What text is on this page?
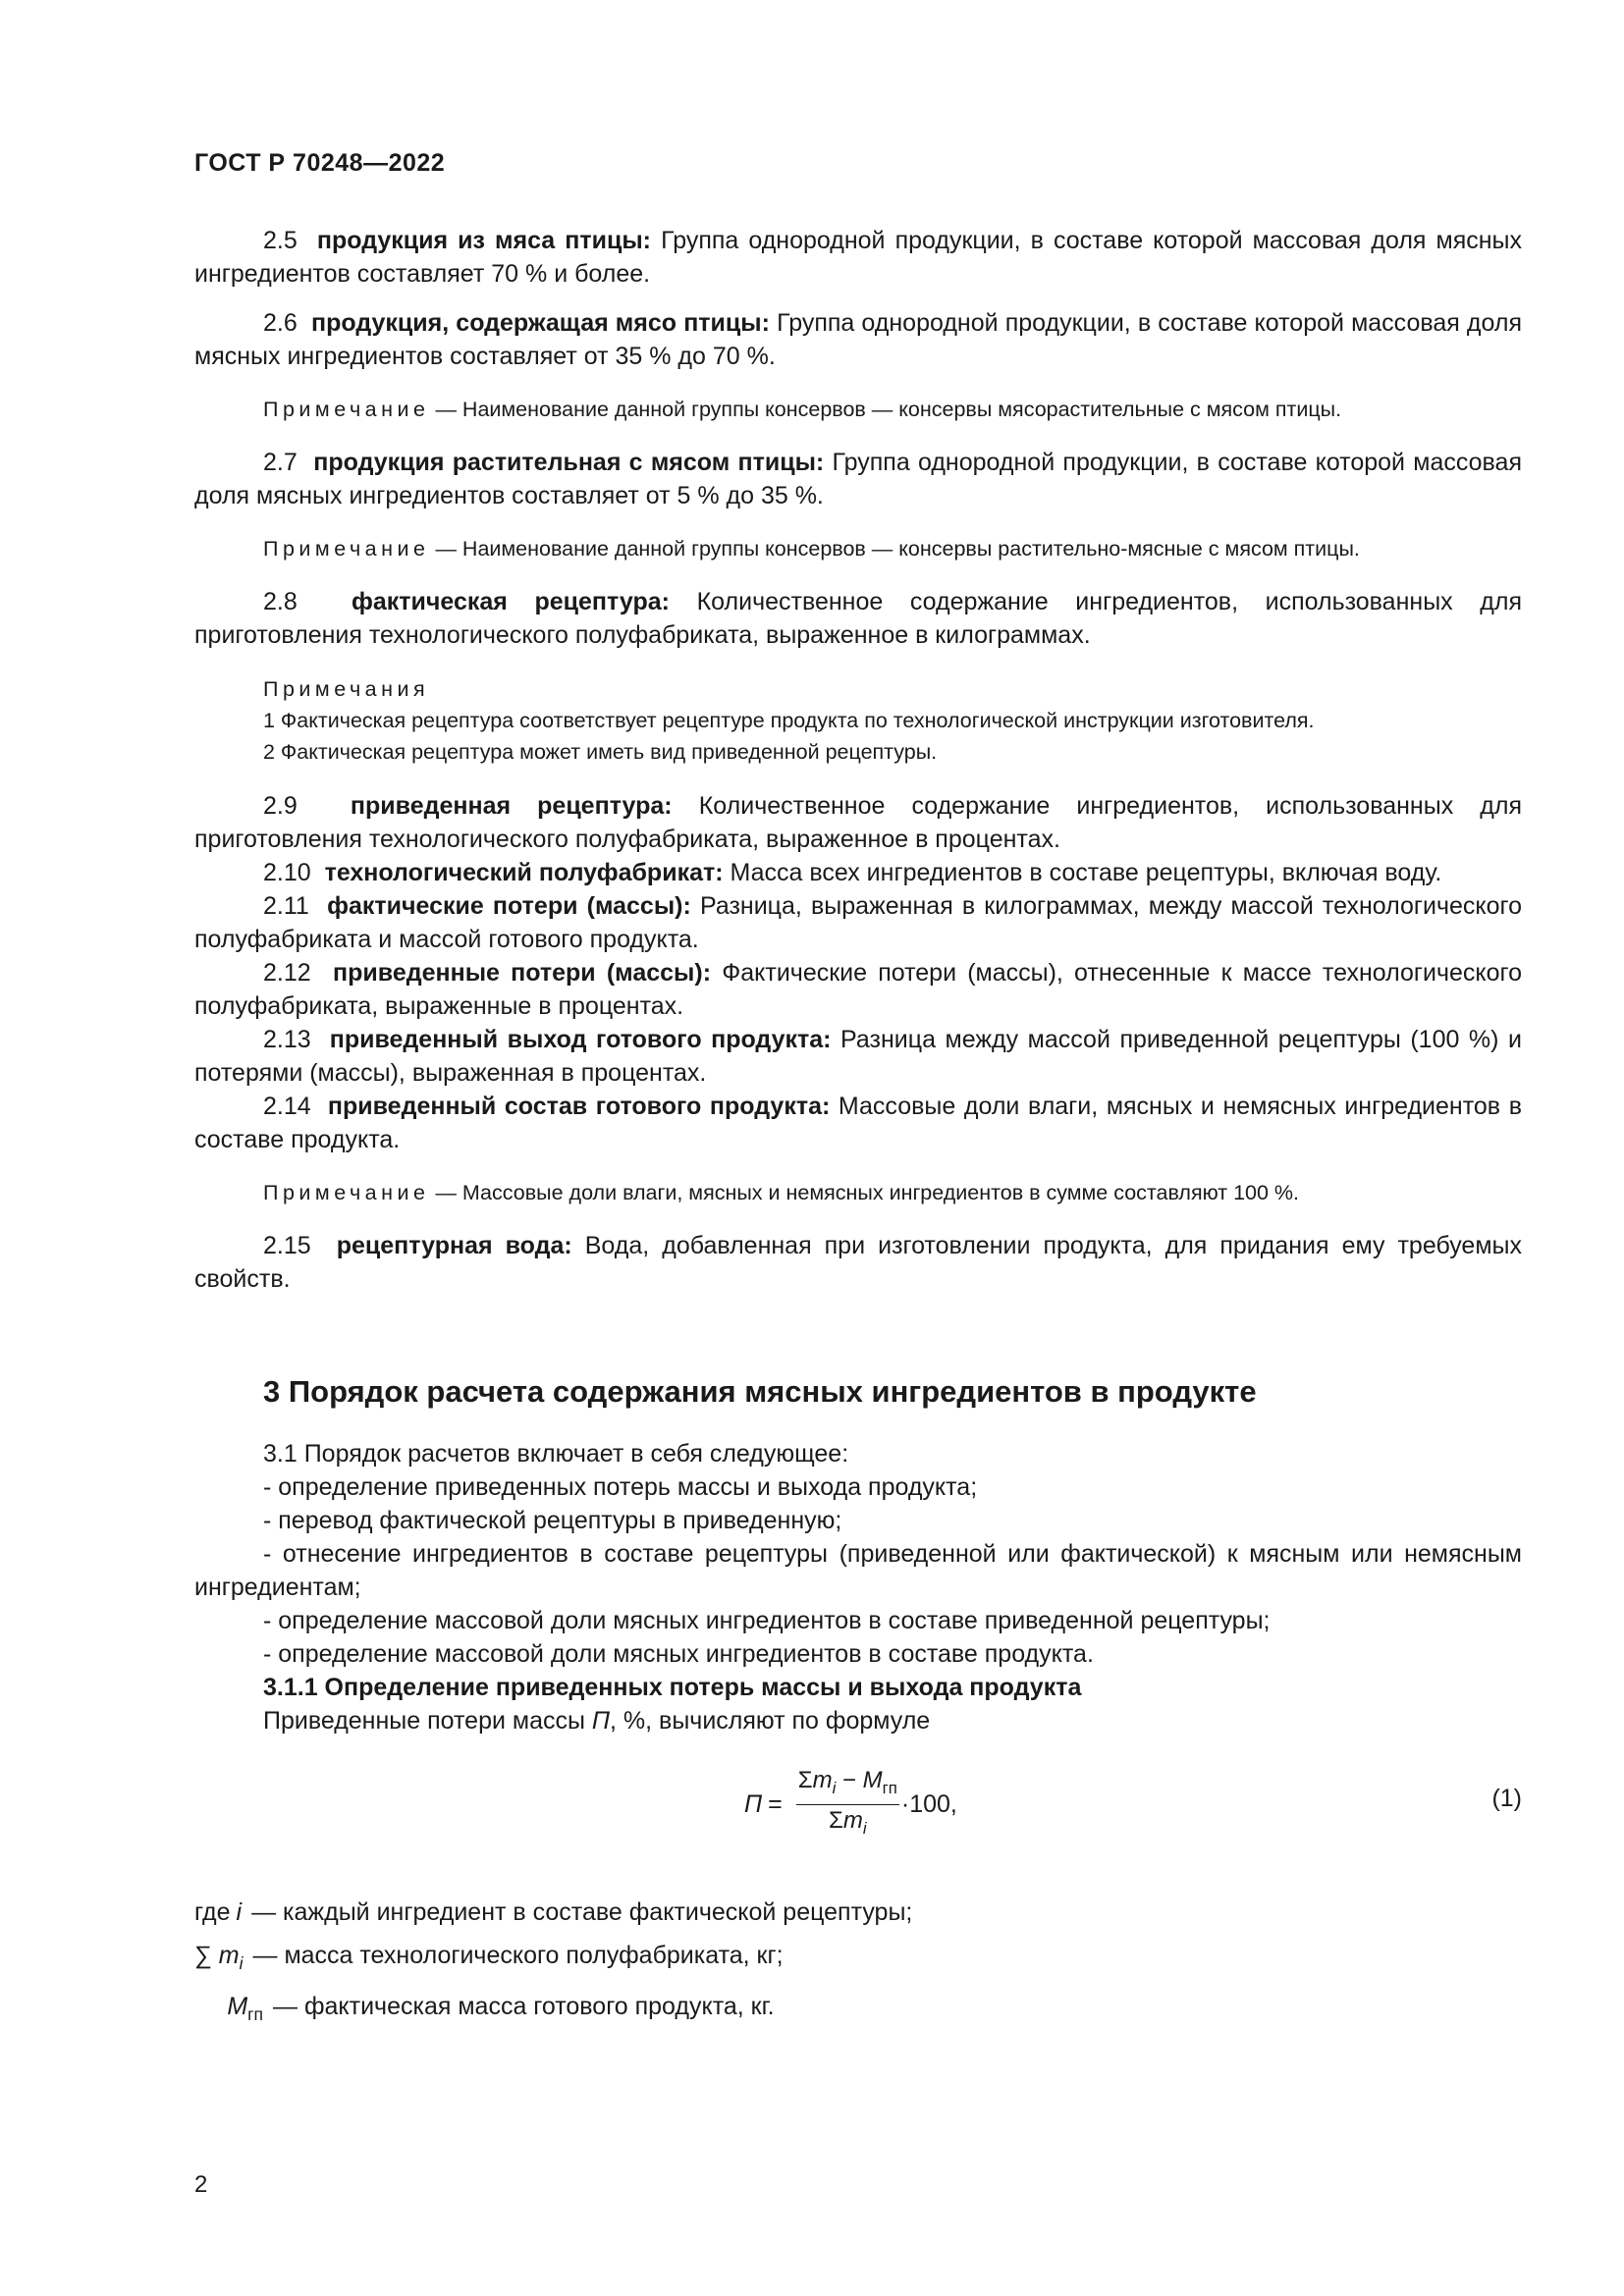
ГОСТ Р 70248—2022

2.5 продукция из мяса птицы: Группа однородной продукции, в составе которой массовая доля мясных ингредиентов составляет 70 % и более.

2.6 продукция, содержащая мясо птицы: Группа однородной продукции, в составе которой массовая доля мясных ингредиентов составляет от 35 % до 70 %.

Примечание — Наименование данной группы консервов — консервы мясорастительные с мясом птицы.

2.7 продукция растительная с мясом птицы: Группа однородной продукции, в составе которой массовая доля мясных ингредиентов составляет от 5 % до 35 %.

Примечание — Наименование данной группы консервов — консервы растительно-мясные с мясом птицы.

2.8 фактическая рецептура: Количественное содержание ингредиентов, использованных для приготовления технологического полуфабриката, выраженное в килограммах.

Примечания
1 Фактическая рецептура соответствует рецептуре продукта по технологической инструкции изготовителя.
2 Фактическая рецептура может иметь вид приведенной рецептуры.

2.9 приведенная рецептура: Количественное содержание ингредиентов, использованных для приготовления технологического полуфабриката, выраженное в процентах.

2.10 технологический полуфабрикат: Масса всех ингредиентов в составе рецептуры, включая воду.

2.11 фактические потери (массы): Разница, выраженная в килограммах, между массой технологического полуфабриката и массой готового продукта.

2.12 приведенные потери (массы): Фактические потери (массы), отнесенные к массе технологического полуфабриката, выраженные в процентах.

2.13 приведенный выход готового продукта: Разница между массой приведенной рецептуры (100 %) и потерями (массы), выраженная в процентах.

2.14 приведенный состав готового продукта: Массовые доли влаги, мясных и немясных ингредиентов в составе продукта.

Примечание — Массовые доли влаги, мясных и немясных ингредиентов в сумме составляют 100 %.

2.15 рецептурная вода: Вода, добавленная при изготовлении продукта, для придания ему требуемых свойств.

3 Порядок расчета содержания мясных ингредиентов в продукте

3.1 Порядок расчетов включает в себя следующее:

- определение приведенных потерь массы и выхода продукта;

- перевод фактической рецептуры в приведенную;

- отнесение ингредиентов в составе рецептуры (приведенной или фактической) к мясным или немясным ингредиентам;

- определение массовой доли мясных ингредиентов в составе приведенной рецептуры;

- определение массовой доли мясных ингредиентов в составе продукта.

3.1.1 Определение приведенных потерь массы и выхода продукта

Приведенные потери массы П, %, вычисляют по формуле

$П = \frac{\Sigma m_i - M_{гп}}{\Sigma m_i} \cdot 100$,	(1)
где i — каждый ингредиент в составе фактической рецептуры;
∑ $m_i$ — масса технологического полуфабриката, кг;
$M_{гп}$ — фактическая масса готового продукта, кг.
2
